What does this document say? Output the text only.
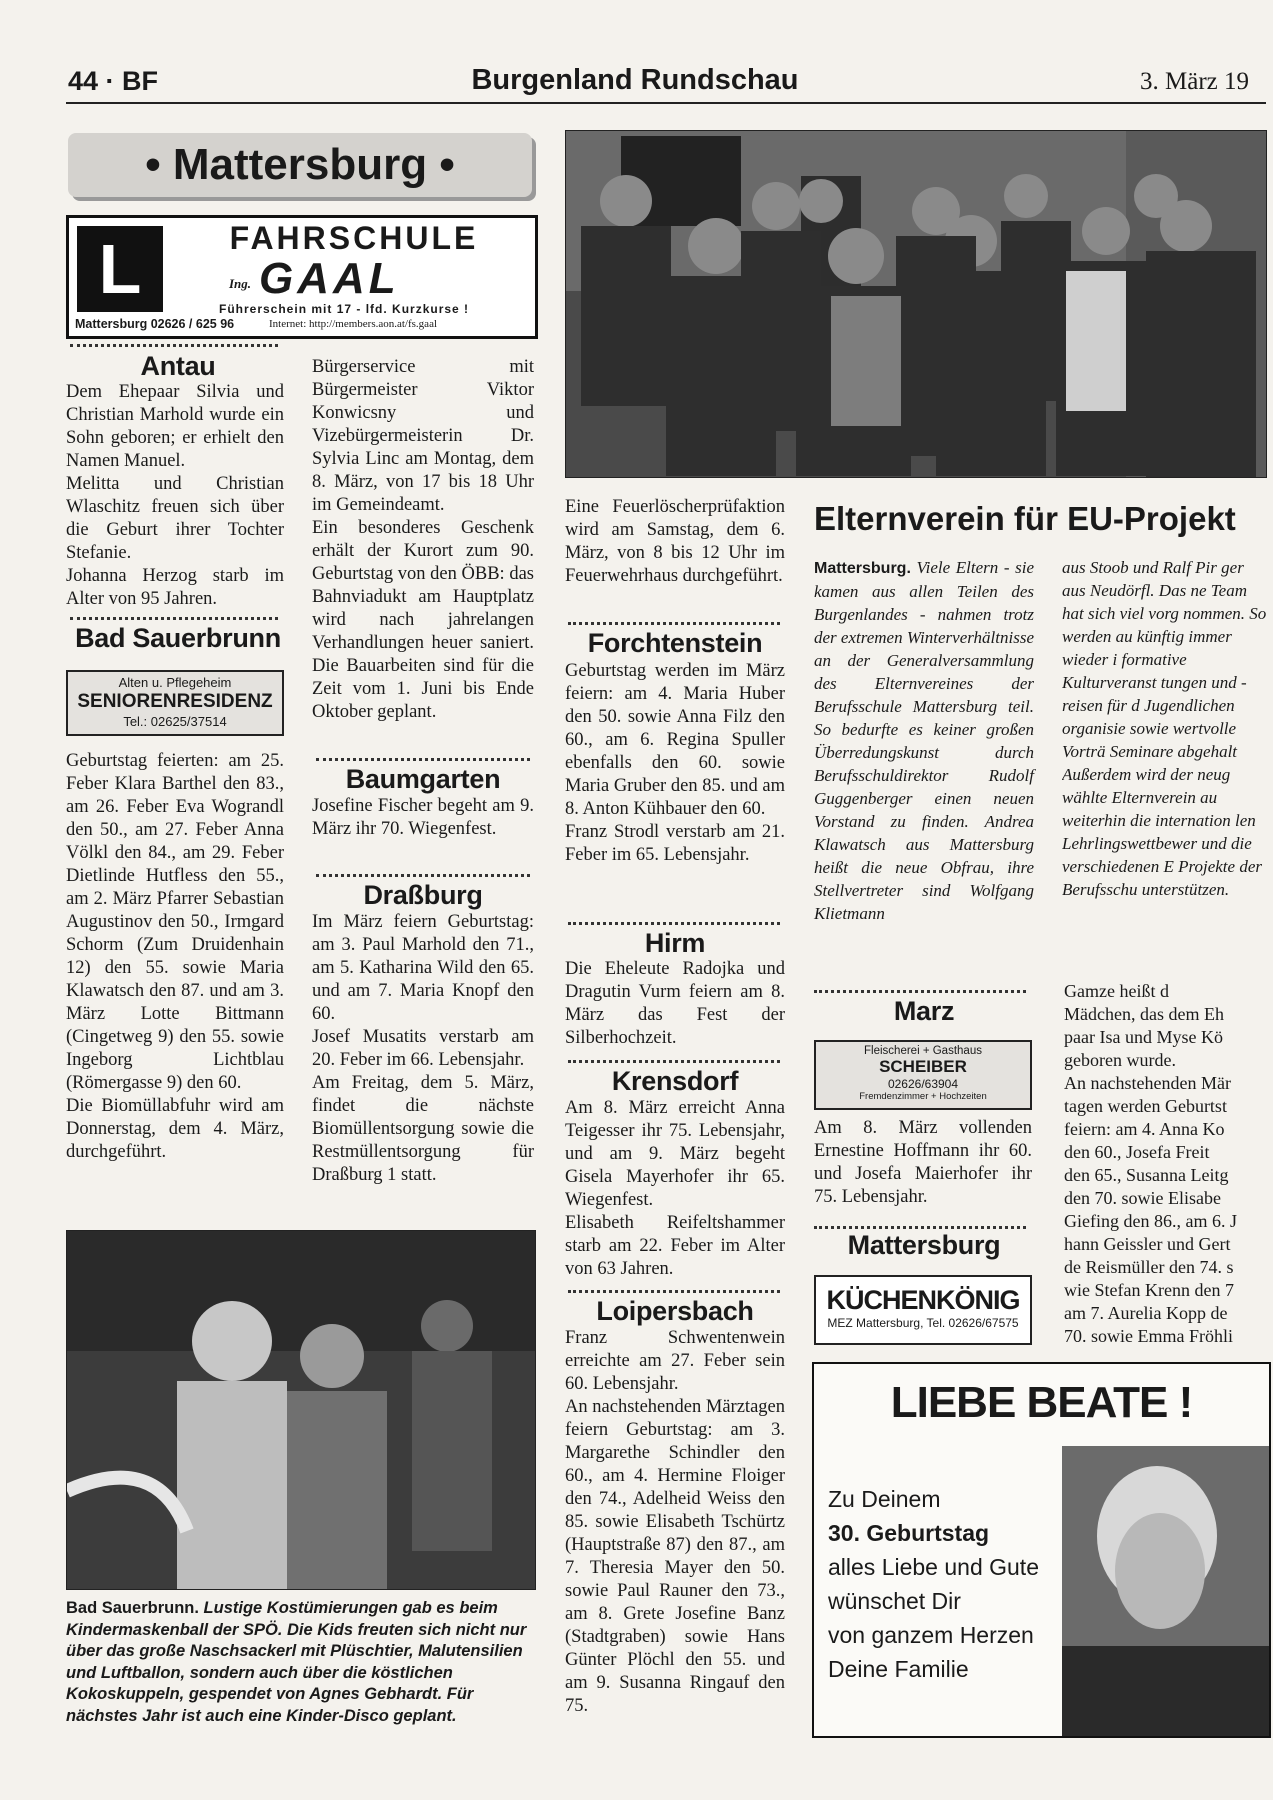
44 · BF	Burgenland Rundschau	3. März 19
• Mattersburg •
L	FAHRSCHULE
Ing. GAAL
Führerschein mit 17 - lfd. Kurzkurse !
Mattersburg 02626 / 625 96	Internet: http://members.aon.at/fs.gaal
Antau

Dem Ehepaar Silvia und Christian Marhold wurde ein Sohn geboren; er erhielt den Namen Manuel.

Melitta und Christian Wlaschitz freuen sich über die Geburt ihrer Tochter Stefanie.

Johanna Herzog starb im Alter von 95 Jahren.

Bad Sauerbrunn
Alten u. Pflegeheim
SENIORENRESIDENZ
Tel.: 02625/37514

Geburtstag feierten: am 25. Feber Klara Barthel den 83., am 26. Feber Eva Wograndl den 50., am 27. Feber Anna Völkl den 84., am 29. Feber Dietlinde Hutfless den 55., am 2. März Pfarrer Sebastian Augustinov den 50., Irmgard Schorm (Zum Druidenhain 12) den 55. sowie Maria Klawatsch den 87. und am 3. März Lotte Bittmann (Cingetweg 9) den 55. sowie Ingeborg Lichtblau (Römergasse 9) den 60.

Die Biomüllabfuhr wird am Donnerstag, dem 4. März, durchgeführt.

Bürgerservice mit Bürgermeister Viktor Konwicsny und Vizebürgermeisterin Dr. Sylvia Linc am Montag, dem 8. März, von 17 bis 18 Uhr im Gemeindeamt.

Ein besonderes Geschenk erhält der Kurort zum 90. Geburtstag von den ÖBB: das Bahnviadukt am Hauptplatz wird nach jahrelangen Verhandlungen heuer saniert. Die Bauarbeiten sind für die Zeit vom 1. Juni bis Ende Oktober geplant.

Baumgarten

Josefine Fischer begeht am 9. März ihr 70. Wiegenfest.

Draßburg

Im März feiern Geburtstag: am 3. Paul Marhold den 71., am 5. Katharina Wild den 65. und am 7. Maria Knopf den 60.

Josef Musatits verstarb am 20. Feber im 66. Lebensjahr.

Am Freitag, dem 5. März, findet die nächste Biomüllentsorgung sowie die Restmüllentsorgung für Draßburg 1 statt.

Eine Feuerlöscherprüfaktion wird am Samstag, dem 6. März, von 8 bis 12 Uhr im Feuerwehrhaus durchgeführt.

Forchtenstein

Geburtstag werden im März feiern: am 4. Maria Huber den 50. sowie Anna Filz den 60., am 6. Regina Spuller ebenfalls den 60. sowie Maria Gruber den 85. und am 8. Anton Kühbauer den 60.

Franz Strodl verstarb am 21. Feber im 65. Lebensjahr.

Hirm

Die Eheleute Radojka und Dragutin Vurm feiern am 8. März das Fest der Silberhochzeit.

Krensdorf

Am 8. März erreicht Anna Teigesser ihr 75. Lebensjahr, und am 9. März begeht Gisela Mayerhofer ihr 65. Wiegenfest.

Elisabeth Reifeltshammer starb am 22. Feber im Alter von 63 Jahren.

Loipersbach

Franz Schwentenwein erreichte am 27. Feber sein 60. Lebensjahr.

An nachstehenden Märztagen feiern Geburtstag: am 3. Margarethe Schindler den 60., am 4. Hermine Floiger den 74., Adelheid Weiss den 85. sowie Elisabeth Tschürtz (Hauptstraße 87) den 87., am 7. Theresia Mayer den 50. sowie Paul Rauner den 73., am 8. Grete Josefine Banz (Stadtgraben) sowie Hans Günter Plöchl den 55. und am 9. Susanna Ringauf den 75.

Elternverein für EU-Projekt
Mattersburg. Viele Eltern - sie kamen aus allen Teilen des Burgenlandes - nahmen trotz der extremen Winterverhältnisse an der Generalversammlung des Elternvereines der Berufsschule Mattersburg teil. So bedurfte es keiner großen Überredungskunst durch Berufsschuldirektor Rudolf Guggenberger einen neuen Vorstand zu finden. Andrea Klawatsch aus Mattersburg heißt die neue Obfrau, ihre Stellvertreter sind Wolfgang Klietmann
aus Stoob und Ralf Pir ger aus Neudörfl. Das ne Team hat sich viel vorg nommen. So werden au künftig immer wieder i formative Kulturveranst tungen und -reisen für d Jugendlichen organisie sowie wertvolle Vorträ Seminare abgehalt Außerdem wird der neug wählte Elternverein au weiterhin die internation len Lehrlingswettbewer und die verschiedenen E Projekte der Berufsschu unterstützen.
Marz
Fleischerei + Gasthaus
SCHEIBER
02626/63904
Fremdenzimmer + Hochzeiten
Am 8. März vollenden Ernestine Hoffmann ihr 60. und Josefa Maierhofer ihr 75. Lebensjahr.
Mattersburg
KÜCHENKÖNIG
MEZ Mattersburg, Tel. 02626/67575
Gamze heißt d
Mädchen, das dem Eh
paar Isa und Myse Kö
geboren wurde.
An nachstehenden Mär
tagen werden Geburtst
feiern: am 4. Anna Ko
den 60., Josefa Freit
den 65., Susanna Leitg
den 70. sowie Elisabe
Giefing den 86., am 6. J
hann Geissler und Gert
de Reismüller den 74. s
wie Stefan Krenn den 7
am 7. Aurelia Kopp de
70. sowie Emma Fröhli
LIEBE BEATE !
Zu Deinem
30. Geburtstag
alles Liebe und Gute
wünschet Dir
von ganzem Herzen
Deine Familie
Bad Sauerbrunn. Lustige Kostümierungen gab es beim Kindermaskenball der SPÖ. Die Kids freuten sich nicht nur über das große Naschsackerl mit Plüschtier, Malutensilien und Luftballon, sondern auch über die köstlichen Kokoskuppeln, gespendet von Agnes Gebhardt. Für nächstes Jahr ist auch eine Kinder-Disco geplant.
